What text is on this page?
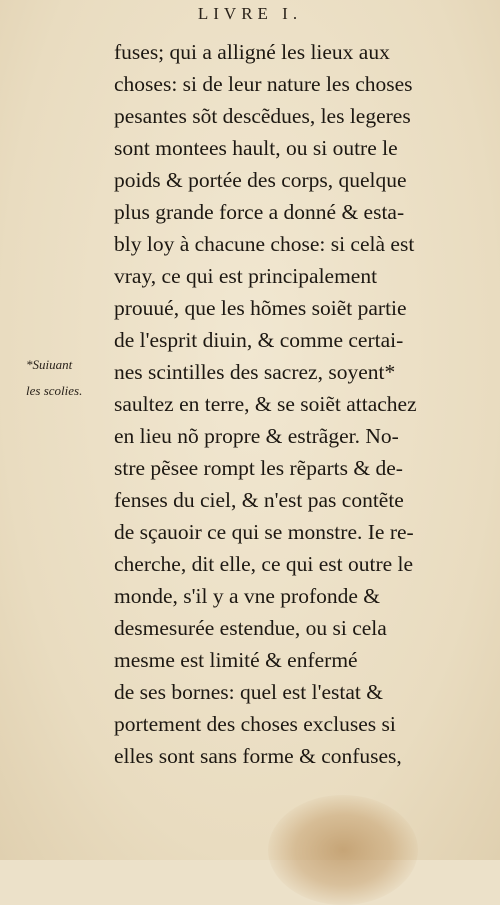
LIVRE I.
fuses; qui a alligné les lieux aux
choses: si de leur nature les choses
pesantes sõt descẽdues, les legeres
sont montees hault, ou si outre le
poids & portée des corps, quelque
plus grande force a donné & esta-
bly loy à chacune chose: si celà est
vray, ce qui est principalement
prouué, que les hõmes soiẽt partie
de l'esprit diuin, & comme certai-
nes scintilles des sacrez, soyent*
saultez en terre, & se soiẽt attachez
en lieu nõ propre & estrãger. No-
stre pẽsee rompt les rẽparts & de-
fenses du ciel, & n'est pas contẽte
de sçauoir ce qui se monstre. Ie re-
cherche, dit elle, ce qui est outre le
monde, s'il y a vne profonde &
desmesurée estendue, ou si cela
mesme est limité & enfermé
de ses bornes: quel est l'estat &
portement des choses excluses si
elles sont sans forme & confuses,
*Suiuant
les scolies.
